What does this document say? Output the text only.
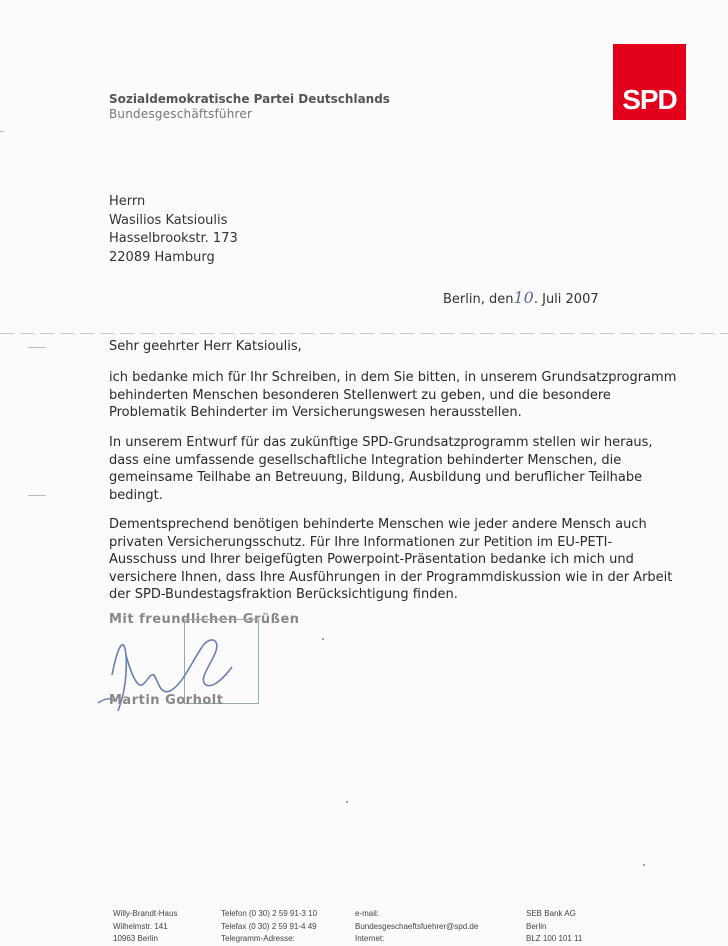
SPD
Sozialdemokratische Partei Deutschlands
Bundesgeschäftsführer
Herrn
Wasilios Katsioulis
Hasselbrookstr. 173
22089 Hamburg
Berlin, den10. Juli 2007
Sehr geehrter Herr Katsioulis,
ich bedanke mich für Ihr Schreiben, in dem Sie bitten, in unserem Grundsatzprogramm
behinderten Menschen besonderen Stellenwert zu geben, und die besondere
Problematik Behinderter im Versicherungswesen herausstellen.
In unserem Entwurf für das zukünftige SPD-Grundsatzprogramm stellen wir heraus,
dass eine umfassende gesellschaftliche Integration behinderter Menschen, die
gemeinsame Teilhabe an Betreuung, Bildung, Ausbildung und beruflicher Teilhabe
bedingt.
Dementsprechend benötigen behinderte Menschen wie jeder andere Mensch auch
privaten Versicherungsschutz. Für Ihre Informationen zur Petition im EU-PETI-
Ausschuss und Ihrer beigefügten Powerpoint-Präsentation bedanke ich mich und
versichere Ihnen, dass Ihre Ausführungen in der Programmdiskussion wie in der Arbeit
der SPD-Bundestagsfraktion Berücksichtigung finden.
Mit freundlichen Grüßen
Martin Gorholt
Willy-Brandt-Haus
Wilhelmstr. 141
10963 Berlin
Telefon (0 30) 2 59 91-3 10
Telefax (0 30) 2 59 91-4 49
Telegramm-Adresse:
e-mail:
Bundesgeschaeftsfuehrer@spd.de
Internet:
SEB Bank AG
Berlin
BLZ 100 101 11
